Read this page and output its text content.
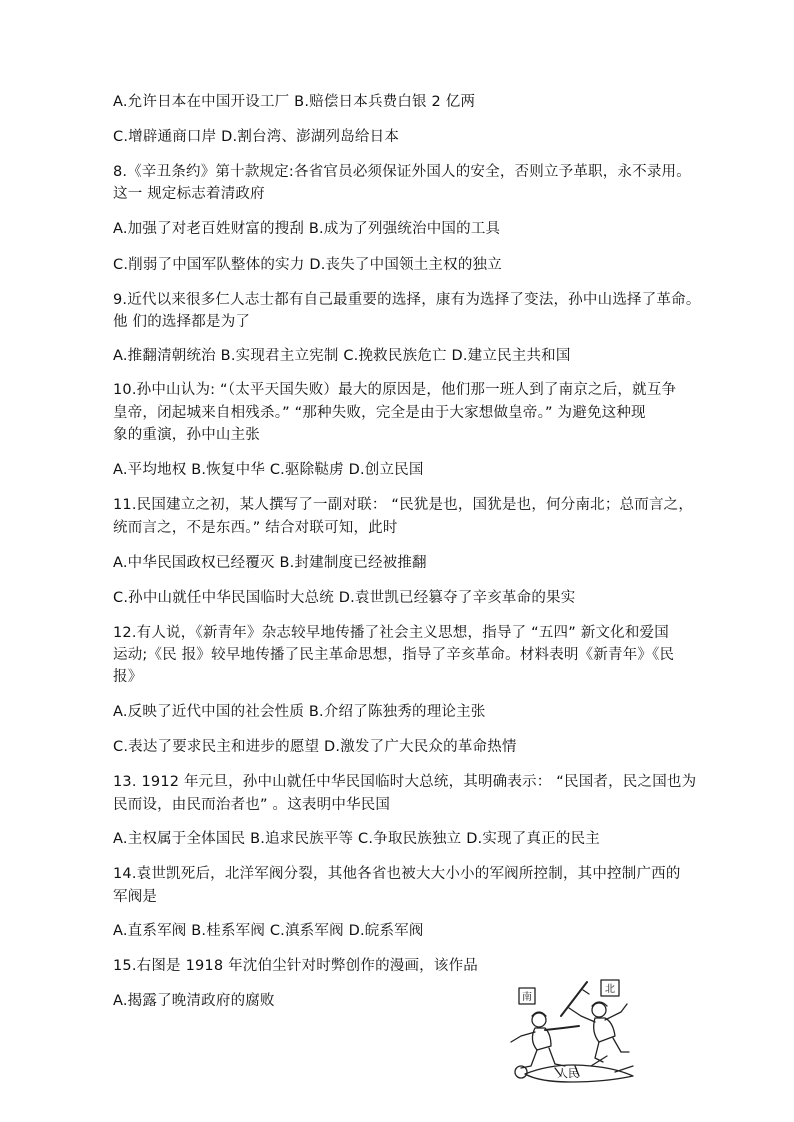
A.允许日本在中国开设工厂 B.赔偿日本兵费白银 2 亿两
C.增辟通商口岸 D.割台湾、澎湖列岛给日本
8.《辛丑条约》第十款规定:各省官员必须保证外国人的安全，否则立予革职，永不录用。
这一 规定标志着清政府
A.加强了对老百姓财富的搜刮 B.成为了列强统治中国的工具
C.削弱了中国军队整体的实力 D.丧失了中国领土主权的独立
9.近代以来很多仁人志士都有自己最重要的选择，康有为选择了变法，孙中山选择了革命。
他 们的选择都是为了
A.推翻清朝统治 B.实现君主立宪制 C.挽救民族危亡 D.建立民主共和国
10.孙中山认为: “（太平天国失败）最大的原因是，他们那一班人到了南京之后，就互争
皇帝，闭起城来自相残杀。” “那种失败，完全是由于大家想做皇帝。” 为避免这种现
象的重演，孙中山主张
A.平均地权 B.恢复中华 C.驱除鞑虏 D.创立民国
11.民国建立之初，某人撰写了一副对联： “民犹是也，国犹是也，何分南北；总而言之，
统而言之，不是东西。” 结合对联可知，此时
A.中华民国政权已经覆灭 B.封建制度已经被推翻
C.孙中山就任中华民国临时大总统 D.袁世凯已经篡夺了辛亥革命的果实
12.有人说，《新青年》杂志较早地传播了社会主义思想，指导了 “五四” 新文化和爱国
运动;《民 报》较早地传播了民主革命思想，指导了辛亥革命。材料表明《新青年》《民
报》
A.反映了近代中国的社会性质 B.介绍了陈独秀的理论主张
C.表达了要求民主和进步的愿望 D.激发了广大民众的革命热情
13. 1912 年元旦，孙中山就任中华民国临时大总统，其明确表示： “民国者，民之国也为
民而设，由民而治者也” 。这表明中华民国
A.主权属于全体国民 B.追求民族平等 C.争取民族独立 D.实现了真正的民主
14.袁世凯死后，北洋军阀分裂，其他各省也被大大小小的军阀所控制，其中控制广西的
军阀是
A.直系军阀 B.桂系军阀 C.滇系军阀 D.皖系军阀
15.右图是 1918 年沈伯尘针对时弊创作的漫画，该作品
A.揭露了晚清政府的腐败	南
北
人民
